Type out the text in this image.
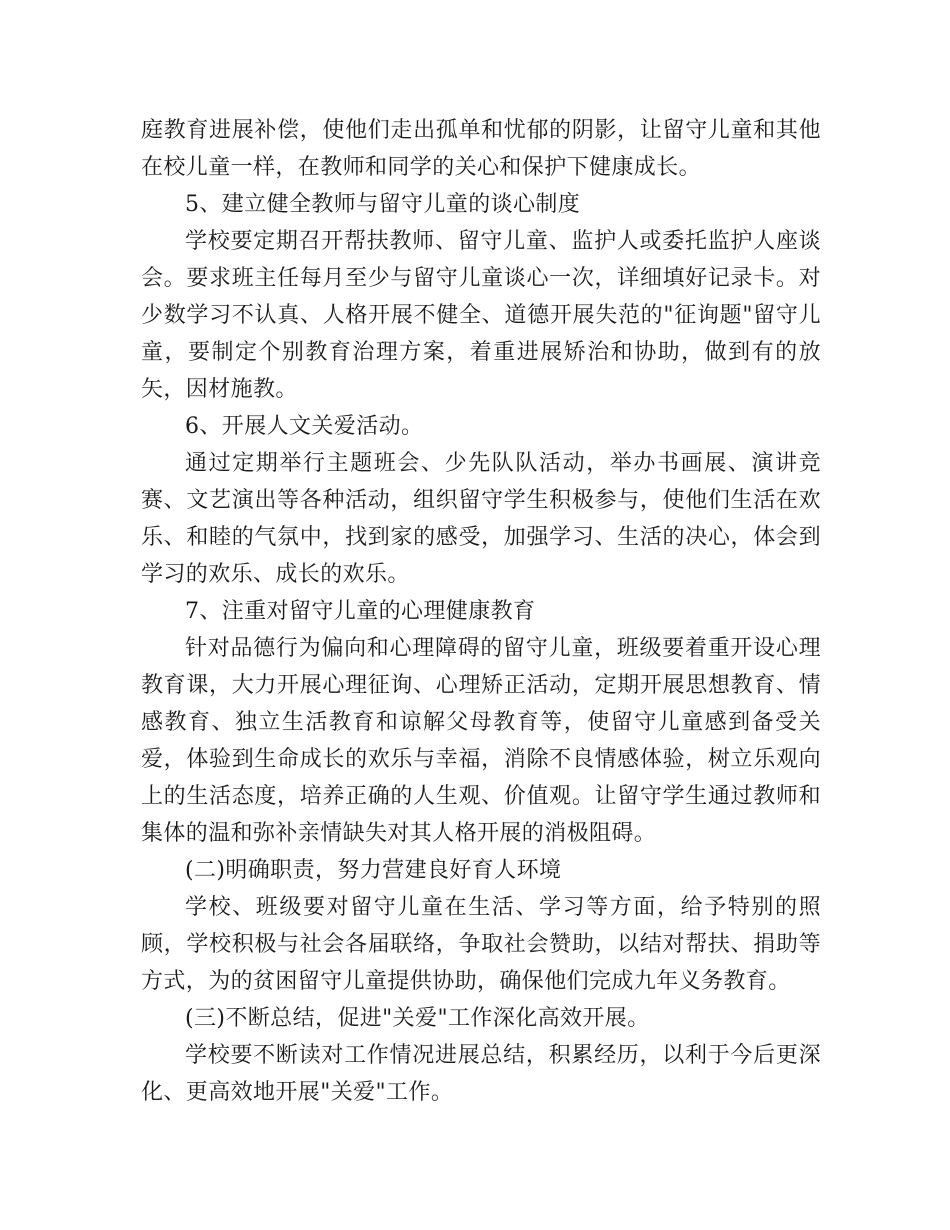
庭教育进展补偿，使他们走出孤单和忧郁的阴影，让留守儿童和其他在校儿童一样，在教师和同学的关心和保护下健康成长。

5、建立健全教师与留守儿童的谈心制度

学校要定期召开帮扶教师、留守儿童、监护人或委托监护人座谈会。要求班主任每月至少与留守儿童谈心一次，详细填好记录卡。对少数学习不认真、人格开展不健全、道德开展失范的"征询题"留守儿童，要制定个别教育治理方案，着重进展矫治和协助，做到有的放矢，因材施教。

6、开展人文关爱活动。

通过定期举行主题班会、少先队队活动，举办书画展、演讲竞赛、文艺演出等各种活动，组织留守学生积极参与，使他们生活在欢乐、和睦的气氛中，找到家的感受，加强学习、生活的决心，体会到学习的欢乐、成长的欢乐。

7、注重对留守儿童的心理健康教育

针对品德行为偏向和心理障碍的留守儿童，班级要着重开设心理教育课，大力开展心理征询、心理矫正活动，定期开展思想教育、情感教育、独立生活教育和谅解父母教育等，使留守儿童感到备受关爱，体验到生命成长的欢乐与幸福，消除不良情感体验，树立乐观向上的生活态度，培养正确的人生观、价值观。让留守学生通过教师和集体的温和弥补亲情缺失对其人格开展的消极阻碍。

(二)明确职责，努力营建良好育人环境

学校、班级要对留守儿童在生活、学习等方面，给予特别的照顾，学校积极与社会各届联络，争取社会赞助，以结对帮扶、捐助等方式，为的贫困留守儿童提供协助，确保他们完成九年义务教育。

(三)不断总结，促进"关爱"工作深化高效开展。

学校要不断读对工作情况进展总结，积累经历，以利于今后更深化、更高效地开展"关爱"工作。
